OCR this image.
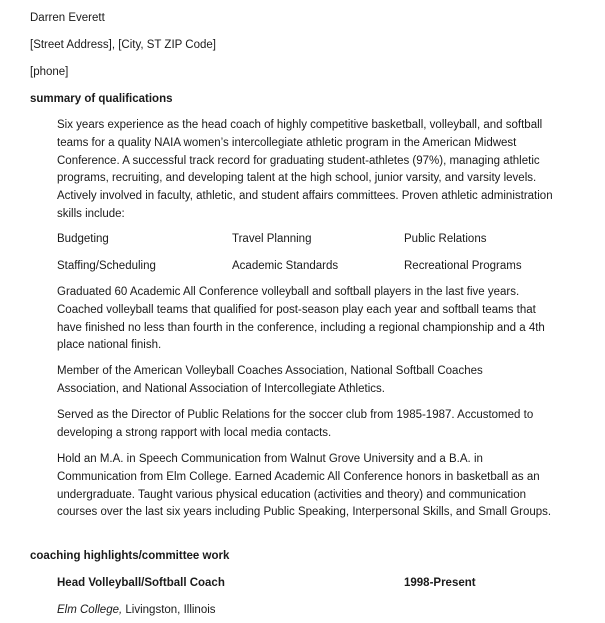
Darren Everett
[Street Address], [City, ST ZIP Code]
[phone]
summary of qualifications
Six years experience as the head coach of highly competitive basketball, volleyball, and softball teams for a quality NAIA women’s intercollegiate athletic program in the American Midwest Conference. A successful track record for graduating student-athletes (97%), managing athletic programs, recruiting, and developing talent at the high school, junior varsity, and varsity levels. Actively involved in faculty, athletic, and student affairs committees. Proven athletic administration skills include:
Budgeting	Travel Planning	Public Relations
Staffing/Scheduling	Academic Standards	Recreational Programs
Graduated 60 Academic All Conference volleyball and softball players in the last five years. Coached volleyball teams that qualified for post-season play each year and softball teams that have finished no less than fourth in the conference, including a regional championship and a 4th place national finish.
Member of the American Volleyball Coaches Association, National Softball Coaches Association, and National Association of Intercollegiate Athletics.
Served as the Director of Public Relations for the soccer club from 1985-1987. Accustomed to developing a strong rapport with local media contacts.
Hold an M.A. in Speech Communication from Walnut Grove University and a B.A. in Communication from Elm College. Earned Academic All Conference honors in basketball as an undergraduate. Taught various physical education (activities and theory) and communication courses over the last six years including Public Speaking, Interpersonal Skills, and Small Groups.
coaching highlights/committee work
Head Volleyball/Softball Coach	1998-Present
Elm College, Livingston, Illinois
